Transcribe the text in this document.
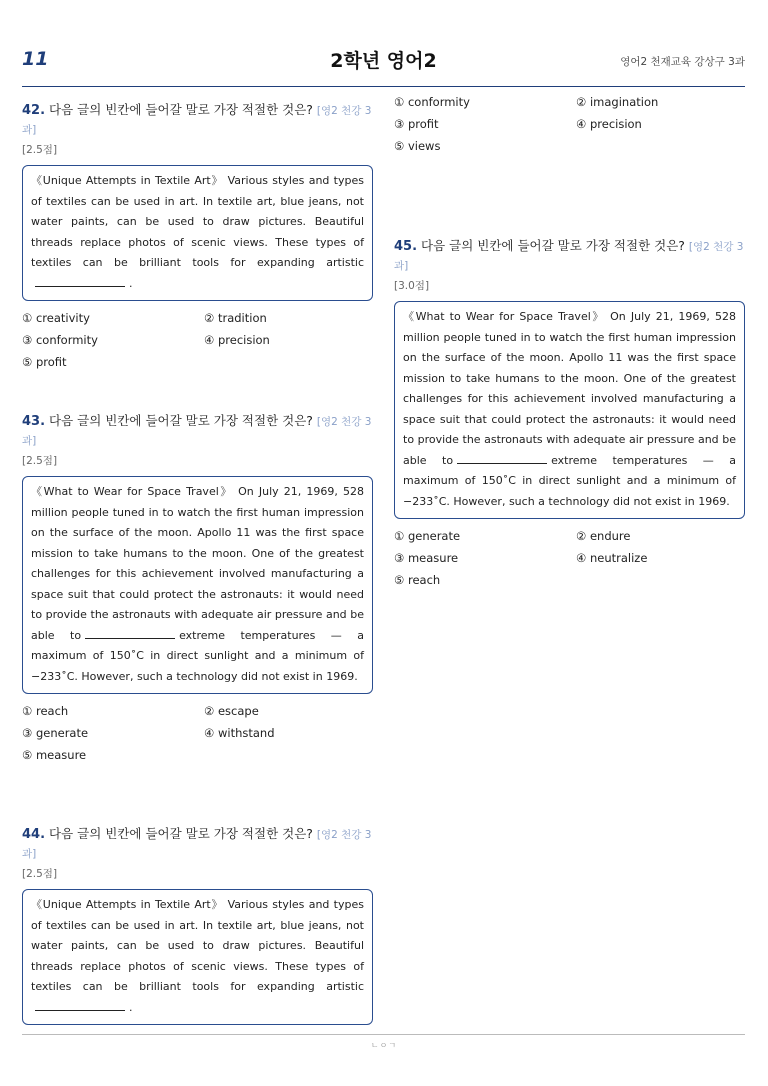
11	2학년 영어2	영어2 천재교육 강상구 3과
42. 다음 글의 빈칸에 들어갈 말로 가장 적절한 것은? [영2 천강 3과]
[2.5점]
《Unique Attempts in Textile Art》 Various styles and types of textiles can be used in art. In textile art, blue jeans, not water paints, can be used to draw pictures. Beautiful threads replace photos of scenic views. These types of textiles can be brilliant tools for expanding artistic.
① creativity	② tradition
③ conformity	④ precision
⑤ profit
43. 다음 글의 빈칸에 들어갈 말로 가장 적절한 것은? [영2 천강 3과]
[2.5점]
《What to Wear for Space Travel》 On July 21, 1969, 528 million people tuned in to watch the first human impression on the surface of the moon. Apollo 11 was the first space mission to take humans to the moon. One of the greatest challenges for this achievement involved manufacturing a space suit that could protect the astronauts: it would need to provide the astronauts with adequate air pressure and be able to	extreme temperatures — a maximum of 150˚C in direct sunlight and a minimum of −233˚C. However, such a technology did not exist in 1969.
① reach	② escape
③ generate	④ withstand
⑤ measure
44. 다음 글의 빈칸에 들어갈 말로 가장 적절한 것은? [영2 천강 3과]
[2.5점]
《Unique Attempts in Textile Art》 Various styles and types of textiles can be used in art. In textile art, blue jeans, not water paints, can be used to draw pictures. Beautiful threads replace photos of scenic views. These types of textiles can be brilliant tools for expanding artistic.
① conformity	② imagination
③ profit	④ precision
⑤ views
45. 다음 글의 빈칸에 들어갈 말로 가장 적절한 것은? [영2 천강 3과]
[3.0점]
《What to Wear for Space Travel》 On July 21, 1969, 528 million people tuned in to watch the first human impression on the surface of the moon. Apollo 11 was the first space mission to take humans to the moon. One of the greatest challenges for this achievement involved manufacturing a space suit that could protect the astronauts: it would need to provide the astronauts with adequate air pressure and be able to	extreme temperatures — a maximum of 150˚C in direct sunlight and a minimum of −233˚C. However, such a technology did not exist in 1969.
① generate	② endure
③ measure	④ neutralize
⑤ reach
ㄴㅇㄱ
